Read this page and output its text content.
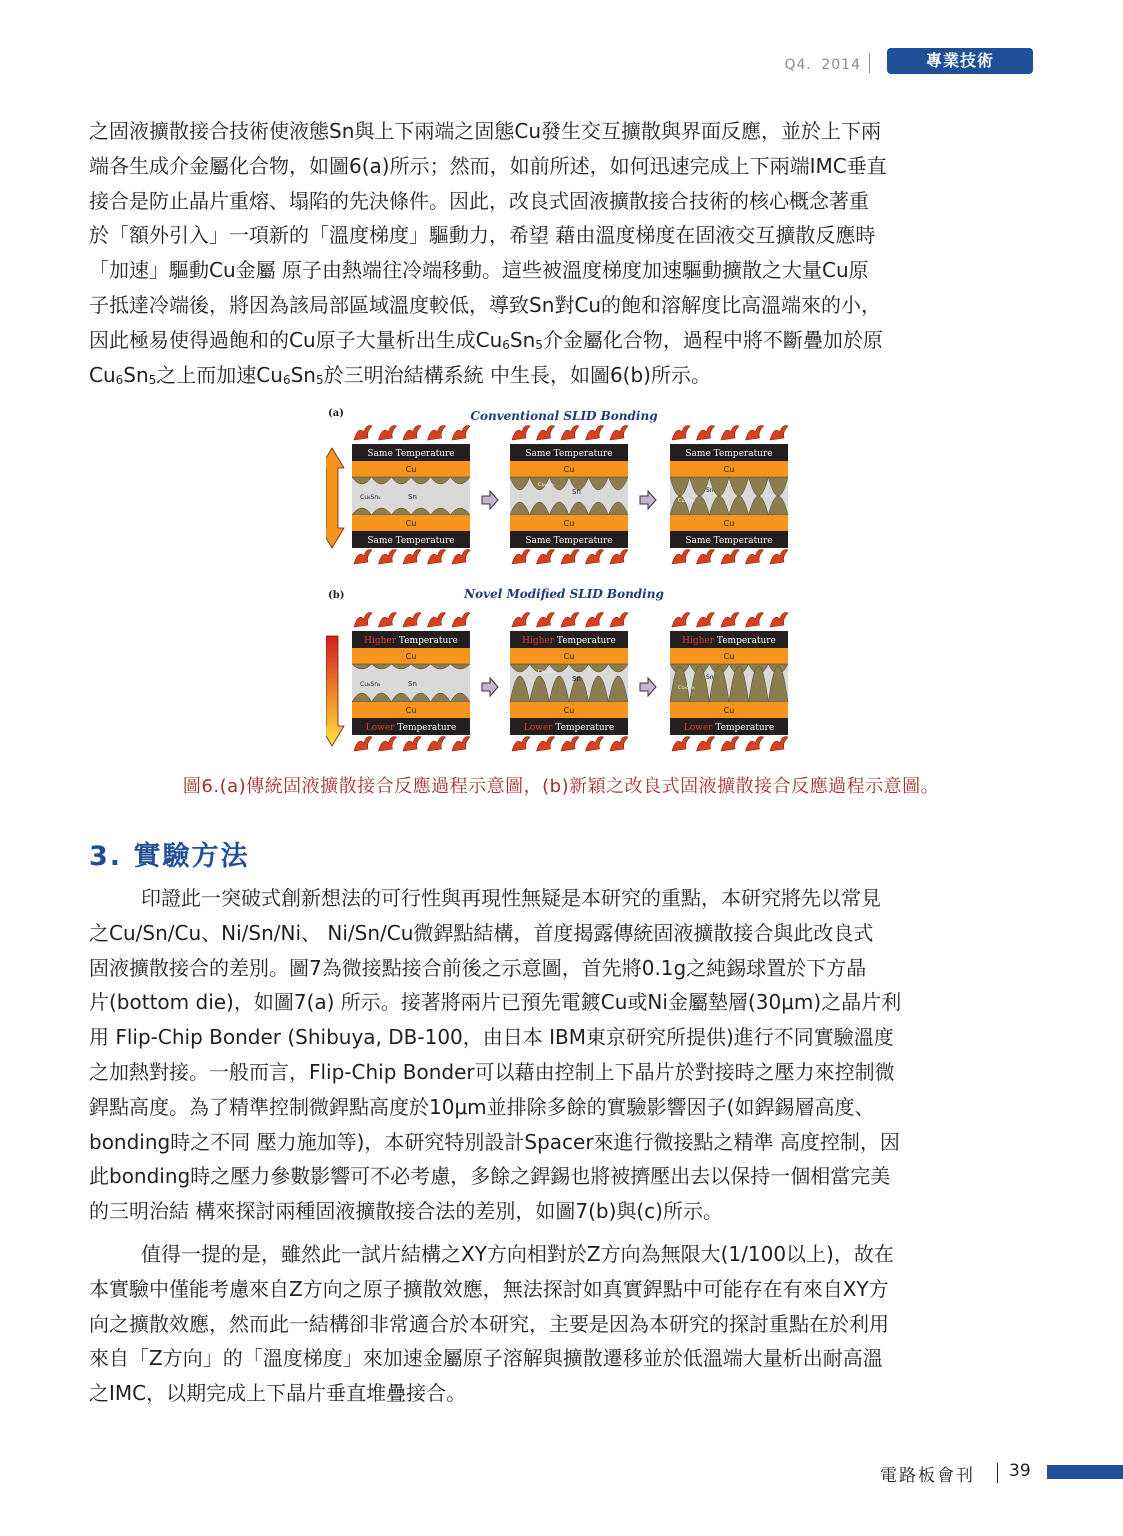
Q4．2014	專業技術

之固液擴散接合技術使液態Sn與上下兩端之固態Cu發生交互擴散與界面反應，並於上下兩

端各生成介金屬化合物，如圖6(a)所示；然而，如前所述，如何迅速完成上下兩端IMC垂直

接合是防止晶片重熔、塌陷的先決條件。因此，改良式固液擴散接合技術的核心概念著重

於「額外引入」一項新的「溫度梯度」驅動力，希望 藉由溫度梯度在固液交互擴散反應時

「加速」驅動Cu金屬 原子由熱端往冷端移動。這些被溫度梯度加速驅動擴散之大量Cu原

子抵達冷端後，將因為該局部區域溫度較低，導致Sn對Cu的飽和溶解度比高溫端來的小，

因此極易使得過飽和的Cu原子大量析出生成$Cu_6Sn_5$介金屬化合物，過程中將不斷疊加於原

$Cu_6Sn_5$之上而加速$Cu_6Sn_5$於三明治結構系統 中生長，如圖6(b)所示。

(a)	Conventional SLID Bonding
Same Temperature
Cu
Cu₆Sn₅	Sn
Cu
Same Temperature
Same Temperature
Cu
Sn
Cu₆Sn₅
Cu
Same Temperature
Same Temperature
Cu
Sn
Cu₆Sn₅
Cu
Same Temperature
(b)	Novel Modified SLID Bonding
Higher Temperature
Cu
Cu₆Sn₅	Sn
Cu
Lower Temperature
Higher Temperature
Cu
Sn
Cu₆Sn₅
Cu
Lower Temperature
Higher Temperature
Cu
Sn
Cu₆Sn₅
Cu
Lower Temperature
圖6.(a)傳統固液擴散接合反應過程示意圖，(b)新穎之改良式固液擴散接合反應過程示意圖。
3. 實驗方法

印證此一突破式創新想法的可行性與再現性無疑是本研究的重點，本研究將先以常見

之Cu/Sn/Cu、Ni/Sn/Ni、 Ni/Sn/Cu微銲點結構，首度揭露傳統固液擴散接合與此改良式

固液擴散接合的差別。圖7為微接點接合前後之示意圖，首先將0.1g之純錫球置於下方晶

片(bottom die)，如圖7(a) 所示。接著將兩片已預先電鍍Cu或Ni金屬墊層(30μm)之晶片利

用 Flip-Chip Bonder (Shibuya, DB-100，由日本 IBM東京研究所提供)進行不同實驗溫度

之加熱對接。一般而言，Flip-Chip Bonder可以藉由控制上下晶片於對接時之壓力來控制微

銲點高度。為了精準控制微銲點高度於10μm並排除多餘的實驗影響因子(如銲錫層高度、

bonding時之不同 壓力施加等)，本研究特別設計Spacer來進行微接點之精準 高度控制，因

此bonding時之壓力參數影響可不必考慮，多餘之銲錫也將被擠壓出去以保持一個相當完美

的三明治結 構來探討兩種固液擴散接合法的差別，如圖7(b)與(c)所示。

值得一提的是，雖然此一試片結構之XY方向相對於Z方向為無限大(1/100以上)，故在

本實驗中僅能考慮來自Z方向之原子擴散效應，無法探討如真實銲點中可能存在有來自XY方

向之擴散效應，然而此一結構卻非常適合於本研究，主要是因為本研究的探討重點在於利用

來自「Z方向」的「溫度梯度」來加速金屬原子溶解與擴散遷移並於低溫端大量析出耐高溫

之IMC，以期完成上下晶片垂直堆疊接合。

電路板會刊 39
